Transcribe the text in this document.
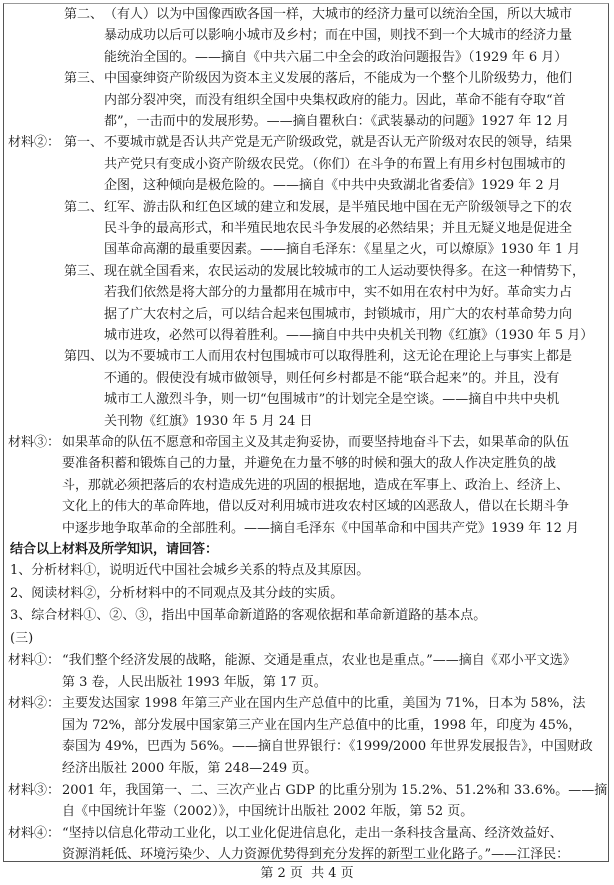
第二、 （有人）以为中国像西欧各国一样，大城市的经济力量可以统治全国，所以大城市
暴动成功以后可以影响小城市及乡村；而在中国，则找不到一个大城市的经济力量
能统治全国的。——摘自《中共六届二中全会的政治问题报告》（1929 年 6 月）
第三、 中国豪绅资产阶级因为资本主义发展的落后，不能成为一个整个儿阶级势力，他们
内部分裂冲突，而没有组织全国中央集权政府的能力。因此，革命不能有夺取“首
都”，一击而中的发展形势。——摘自瞿秋白：《武装暴动的问题》1927 年 12 月
材料②： 第一、 不要城市就是否认共产党是无产阶级政党，就是否认无产阶级对农民的领导，结果
共产党只有变成小资产阶级农民党。（你们）在斗争的布置上有用乡村包围城市的
企图，这种倾向是极危险的。——摘自《中共中央致湖北省委信》1929 年 2 月
第二、 红军、游击队和红色区域的建立和发展，是半殖民地中国在无产阶级领导之下的农
民斗争的最高形式，和半殖民地农民斗争发展的必然结果；并且无疑义地是促进全
国革命高潮的最重要因素。——摘自毛泽东：《星星之火，可以燎原》1930 年 1 月
第三、 现在就全国看来，农民运动的发展比较城市的工人运动要快得多。在这一种情势下，
若我们依然是将大部分的力量都用在城市中，实不如用在农村中为好。革命实力占
据了广大农村之后，可以结合起来包围城市，封锁城市，用广大的农村革命势力向
城市进攻，必然可以得着胜利。——摘自中共中央机关刊物《红旗》（1930 年 5 月）
第四、 以为不要城市工人而用农村包围城市可以取得胜利，这无论在理论上与事实上都是
不通的。假使没有城市做领导，则任何乡村都是不能“联合起来”的。并且，没有
城市工人激烈斗争，则一切“包围城市”的计划完全是空谈。——摘自中共中央机
关刊物《红旗》1930 年 5 月 24 日
材料③： 如果革命的队伍不愿意和帝国主义及其走狗妥协，而要坚持地奋斗下去，如果革命的队伍
要准备积蓄和锻炼自己的力量，并避免在力量不够的时候和强大的敌人作决定胜负的战
斗，那就必须把落后的农村造成先进的巩固的根据地，造成在军事上、政治上、经济上、
文化上的伟大的革命阵地，借以反对利用城市进攻农村区域的凶恶敌人，借以在长期斗争
中逐步地争取革命的全部胜利。——摘自毛泽东《中国革命和中国共产党》1939 年 12 月
结合以上材料及所学知识，请回答：
1、分析材料①，说明近代中国社会城乡关系的特点及其原因。
2、阅读材料②，分析材料中的不同观点及其分歧的实质。
3、综合材料①、②、③，指出中国革命新道路的客观依据和革命新道路的基本点。
(三)
材料①： “我们整个经济发展的战略，能源、交通是重点，农业也是重点。”——摘自《邓小平文选》
第 3 卷，人民出版社 1993 年版，第 17 页。
材料②： 主要发达国家 1998 年第三产业在国内生产总值中的比重，美国为 71%，日本为 58%，法
国为 72%，部分发展中国家第三产业在国内生产总值中的比重，1998 年，印度为 45%，
泰国为 49%，巴西为 56%。——摘自世界银行：《1999/2000 年世界发展报告》，中国财政
经济出版社 2000 年版，第 248—249 页。
材料③： 2001 年，我国第一、二、三次产业占 GDP 的比重分别为 15.2%、51.2%和 33.6%。——摘
自《中国统计年鉴（2002）》，中国统计出版社 2002 年版，第 52 页。
材料④： “坚持以信息化带动工业化，以工业化促进信息化，走出一条科技含量高、经济效益好、
资源消耗低、环境污染少、人力资源优势得到充分发挥的新型工业化路子。”——江泽民：
第 2 页  共 4 页
